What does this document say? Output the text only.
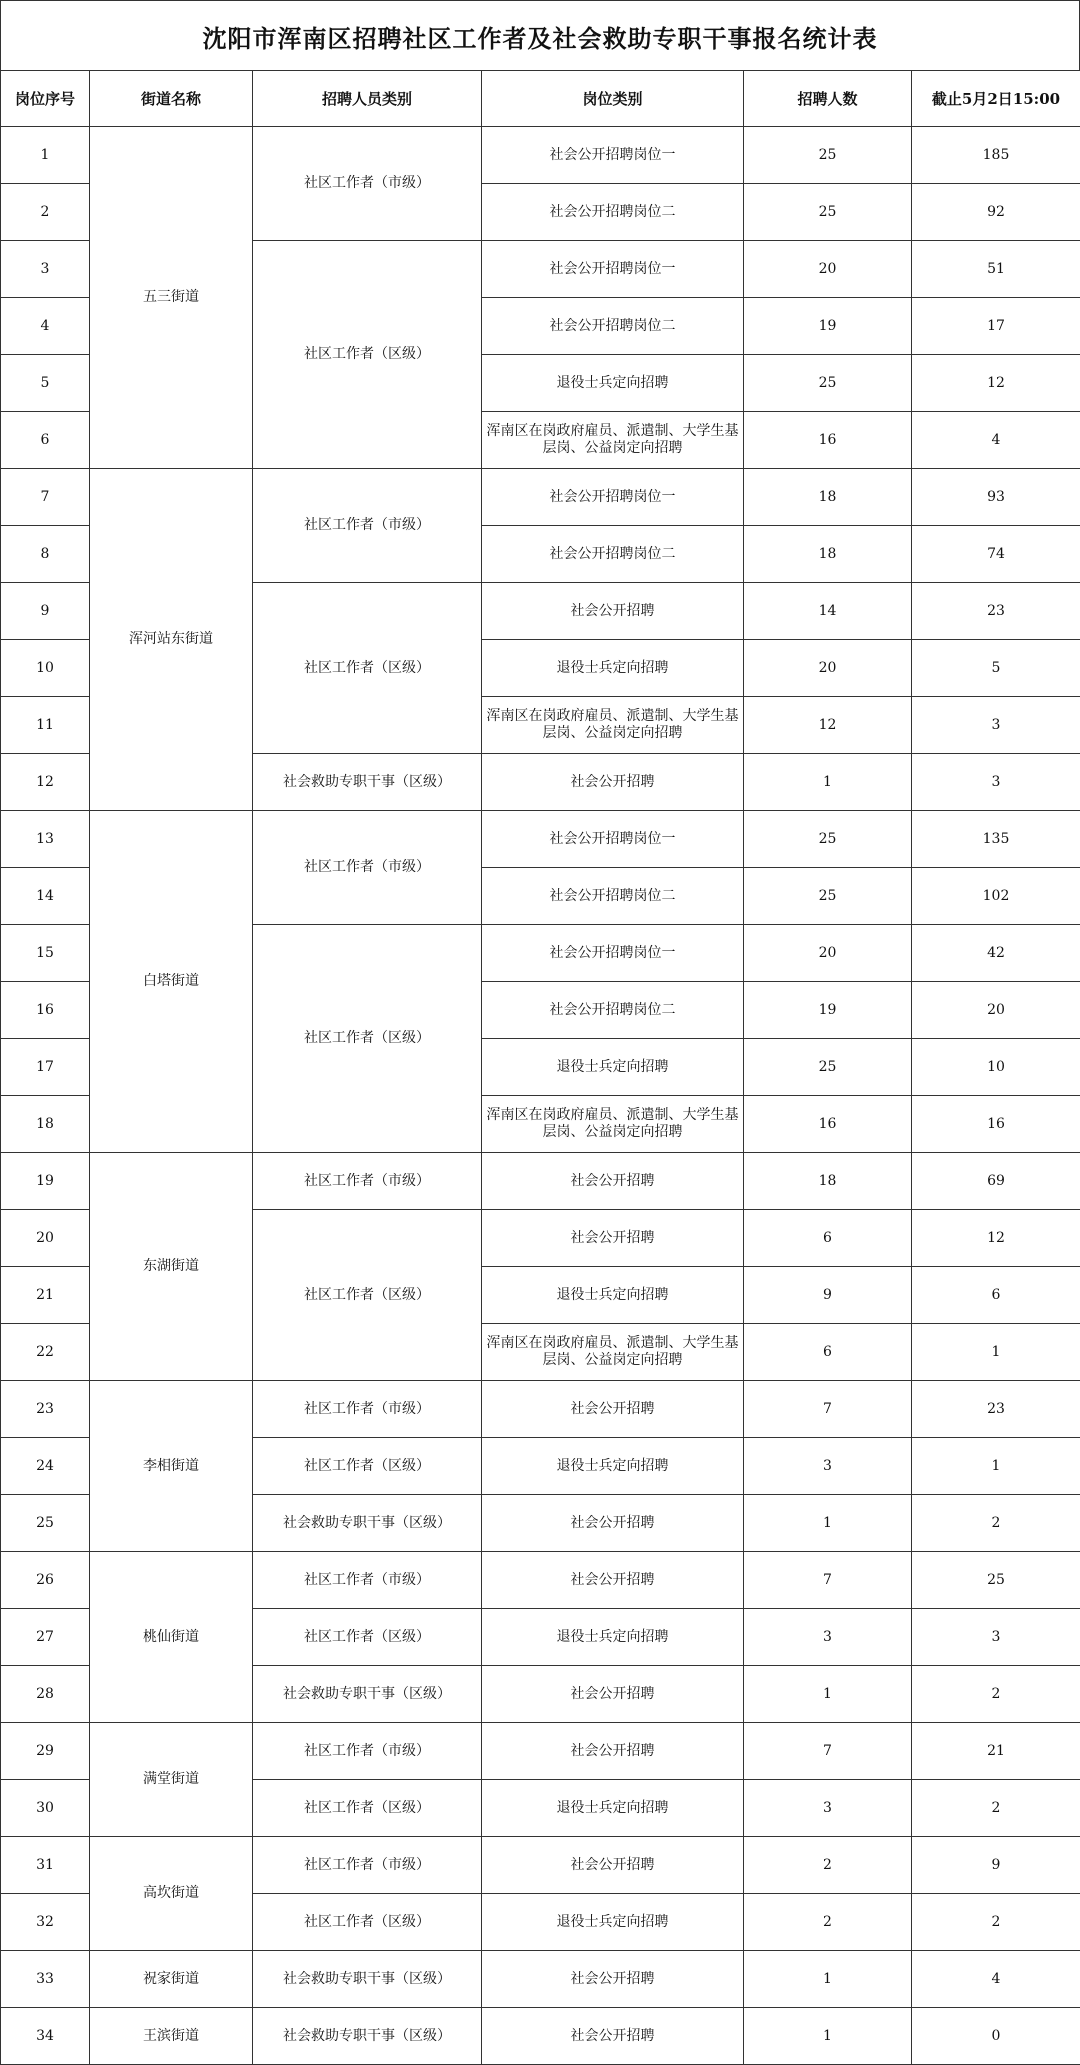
沈阳市浑南区招聘社区工作者及社会救助专职干事报名统计表
岗位序号	街道名称	招聘人员类别	岗位类别	招聘人数	截止5月2日15:00
1	五三街道	社区工作者（市级）	社会公开招聘岗位一	25	185
2			社会公开招聘岗位二	25	92
3		社区工作者（区级）	社会公开招聘岗位一	20	51
4			社会公开招聘岗位二	19	17
5			退役士兵定向招聘	25	12
6			浑南区在岗政府雇员、派遣制、大学生基层岗、公益岗定向招聘	16	4
7	浑河站东街道	社区工作者（市级）	社会公开招聘岗位一	18	93
8			社会公开招聘岗位二	18	74
9		社区工作者（区级）	社会公开招聘	14	23
10			退役士兵定向招聘	20	5
11			浑南区在岗政府雇员、派遣制、大学生基层岗、公益岗定向招聘	12	3
12		社会救助专职干事（区级）	社会公开招聘	1	3
13	白塔街道	社区工作者（市级）	社会公开招聘岗位一	25	135
14			社会公开招聘岗位二	25	102
15		社区工作者（区级）	社会公开招聘岗位一	20	42
16			社会公开招聘岗位二	19	20
17			退役士兵定向招聘	25	10
18			浑南区在岗政府雇员、派遣制、大学生基层岗、公益岗定向招聘	16	16
19	东湖街道	社区工作者（市级）	社会公开招聘	18	69
20		社区工作者（区级）	社会公开招聘	6	12
21			退役士兵定向招聘	9	6
22			浑南区在岗政府雇员、派遣制、大学生基层岗、公益岗定向招聘	6	1
23	李相街道	社区工作者（市级）	社会公开招聘	7	23
24		社区工作者（区级）	退役士兵定向招聘	3	1
25		社会救助专职干事（区级）	社会公开招聘	1	2
26	桃仙街道	社区工作者（市级）	社会公开招聘	7	25
27		社区工作者（区级）	退役士兵定向招聘	3	3
28		社会救助专职干事（区级）	社会公开招聘	1	2
29	满堂街道	社区工作者（市级）	社会公开招聘	7	21
30		社区工作者（区级）	退役士兵定向招聘	3	2
31	高坎街道	社区工作者（市级）	社会公开招聘	2	9
32		社区工作者（区级）	退役士兵定向招聘	2	2
33	祝家街道	社会救助专职干事（区级）	社会公开招聘	1	4
34	王滨街道	社会救助专职干事（区级）	社会公开招聘	1	0
